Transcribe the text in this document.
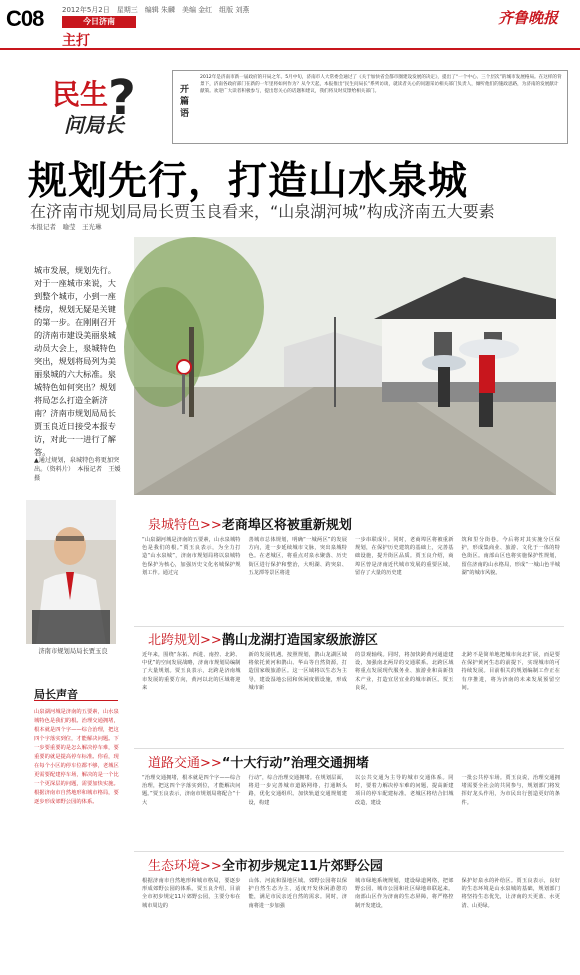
C08	2012年5月2日　星期三　编辑 朱麟　美编 金红　组版 刘燕
今日济南
主打
齐鲁晚报
民生 ?
问局长
开篇语
2012年是济南市新一届政府的开局之年。5月中旬，济南市人大常委会通过了《关于加快省会都市圈建设发展的决定》，提出了“一个中心、三个层次”的城市发展格局。在这样的背景下，济南各政府部门在新的一年里将如何作为？从今天起，本报推出“民生问局长”系列访谈，就读者关心的问题采访相关部门负责人，倾听他们的施政思路，为济南的发展献计献策。欢迎广大读者积极参与，提出您关心的话题和建议，我们将及时反馈给相关部门。
规划先行，打造山水泉城
在济南市规划局局长贾玉良看来，“山泉湖河城”构成济南五大要素
本报记者　喻莹　王光琳
城市发展，规划先行。对于一座城市来说，大到整个城市，小到一座楼房，规划无疑是关键的第一步。在刚刚召开的济南市建设美丽泉城动员大会上，泉城特色突出，规划将局列为美丽泉城的六大标准。泉城特色如何突出？规划将局怎么打造全新济南？济南市规划局局长贾玉良近日接受本报专访，对此一一进行了解答。
▲通过规划，泉城特色将更加突出。（资料片）　本报记者　王媛　摄
济南市规划局局长贾玉良
局长声音
山泉湖河城是济南的五要素，山水泉城特色是我们的根。治理交通拥堵，根本就是四个字——综合治理，把这四个字落实到位，才能解决问题。下一步要重要的是怎么解决停车难，要重要的就是提高停车标准。你看，现在每个小区的停车位都不够，老城区更需要配建停车场，解决的是一个比一个更深层的问题，需要加快实施。根据济南市自然地形和城市格局，要逐步形成郊野公园的体系。
泉城特色>>老商埠区将被重新规划
“山泉湖河城是济南的五要素，山水泉城特色是我们的根。”贾玉良表示，为全力打造“山水泉城”，济南市规划局将以泉城特色保护为核心，加强历史文化名城保护规划工作。通过完
善城市总体规划，明确“一城两区”的发展方向，进一步延续城市文脉，突出泉城特色。在老城区，将重点对泉水聚落、历史街区进行保护和整治，大明湖、趵突泉、五龙潭等景区将进
一步串联成片。同时，老商埠区将被重新规划，在保护历史建筑的基础上，完善基础设施，提升街区品质。贾玉良介绍，商埠区曾是济南近代城市发展的重要区域，留存了大量的历史建
筑和里分街巷。今后将对其实施分区保护，形成集商业、旅游、文化于一体的特色街区。南部山区也将实施保护性规划，留住济南的山水格局，形成“一城山色半城湖”的城市风貌。
北跨规划>>鹊山龙湖打造国家级旅游区
近年来，围绕“东拓、西进、南控、北跨、中优”的空间发展战略，济南市规划局编制了大量规划。贾玉良表示，北跨是济南城市发展的重要方向，黄河以北的区域将迎来
新的发展机遇。按照规划，鹊山龙湖区域将依托黄河和鹊山、华山等自然资源，打造国家级旅游区。这一区域将以生态为主导，建设湿地公园和休闲度假设施，形成城市新
的景观轴线。同时，将加快跨黄河通道建设，加强南北两岸的交通联系。北跨区域将重点发展现代服务业、旅游业和高新技术产业，打造宜居宜业的城市新区。贾玉良说，
北跨不是简单地把城市向北扩展，而是要在保护黄河生态的前提下，实现城市的可持续发展。目前相关的规划编制工作正在有序推进，将为济南的未来发展预留空间。
道路交通>>“十大行动”治理交通拥堵
“治理交通拥堵，根本就是四个字——综合治理，把这四个字落实到位，才能解决问题。”贾玉良表示，济南市规划局将配合“十大
行动”，综合治理交通拥堵。在规划层面，将进一步完善城市道路网络，打通断头路，优化交通组织。加快轨道交通规划建设，构建
以公共交通为主导的城市交通体系。同时，要着力解决停车难的问题，提高新建项目的停车配建标准。老城区将结合旧城改造，建设
一批公共停车场。贾玉良说，治理交通拥堵需要全社会的共同参与，规划部门将发挥好龙头作用，为市民出行创造更好的条件。
生态环境>>全市初步规定11片郊野公园
根据济南市自然地形和城市格局，要逐步形成郊野公园的体系。贾玉良介绍，目前全市初步规定11片郊野公园，主要分布在城市周边的
山体、河流和湿地区域。郊野公园将以保护自然生态为主，适度开发休闲游憩功能，满足市民亲近自然的需求。同时，济南将进一步加强
城市绿地系统规划，建设绿道网络，把郊野公园、城市公园和社区绿地串联起来。南部山区作为济南的生态屏障，将严格控制开发建设，
保护好泉水的补给区。贾玉良表示，良好的生态环境是山水泉城的基础，规划部门将坚持生态优先，让济南的天更蓝、水更清、山更绿。
